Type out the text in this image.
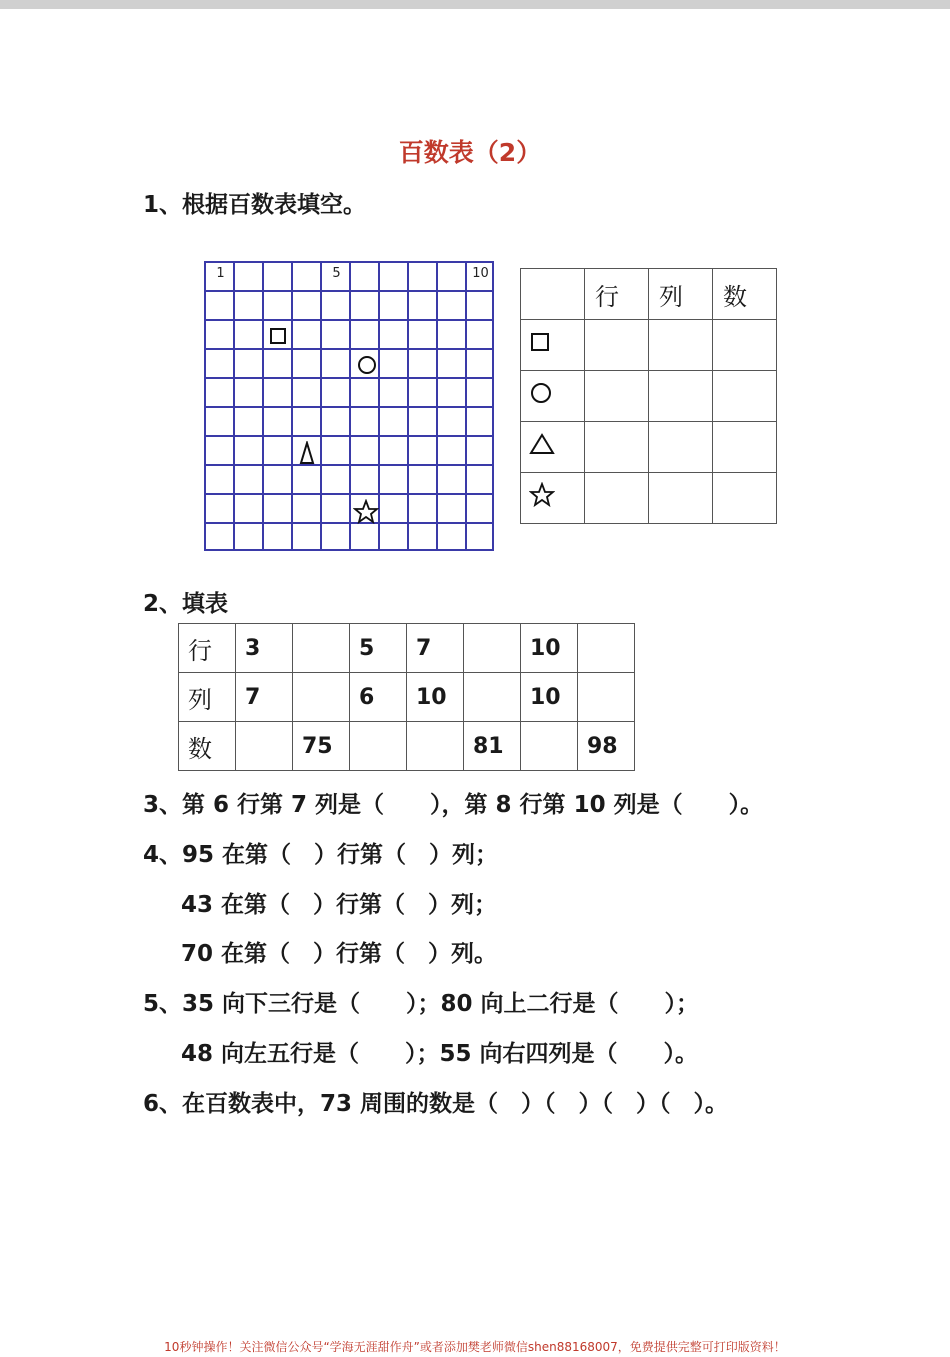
百数表（2）
1、根据百数表填空。
1	5	10
	行	列	数

2、填表
行	3		5	7		10	
列	7		6	10		10	
数		75			81		98
3、第 6 行第 7 列是（　　），第 8 行第 10 列是（　　）。
4、95 在第（　）行第（　）列；
43 在第（　）行第（　）列；
70 在第（　）行第（　）列。
5、35 向下三行是（　　）；80 向上二行是（　　）；
48 向左五行是（　　）；55 向右四列是（　　）。
6、在百数表中，73 周围的数是（　）（　）（　）（　）。
10秒钟操作！关注微信公众号“学海无涯甜作舟”或者添加樊老师微信shen88168007，免费提供完整可打印版资料！
